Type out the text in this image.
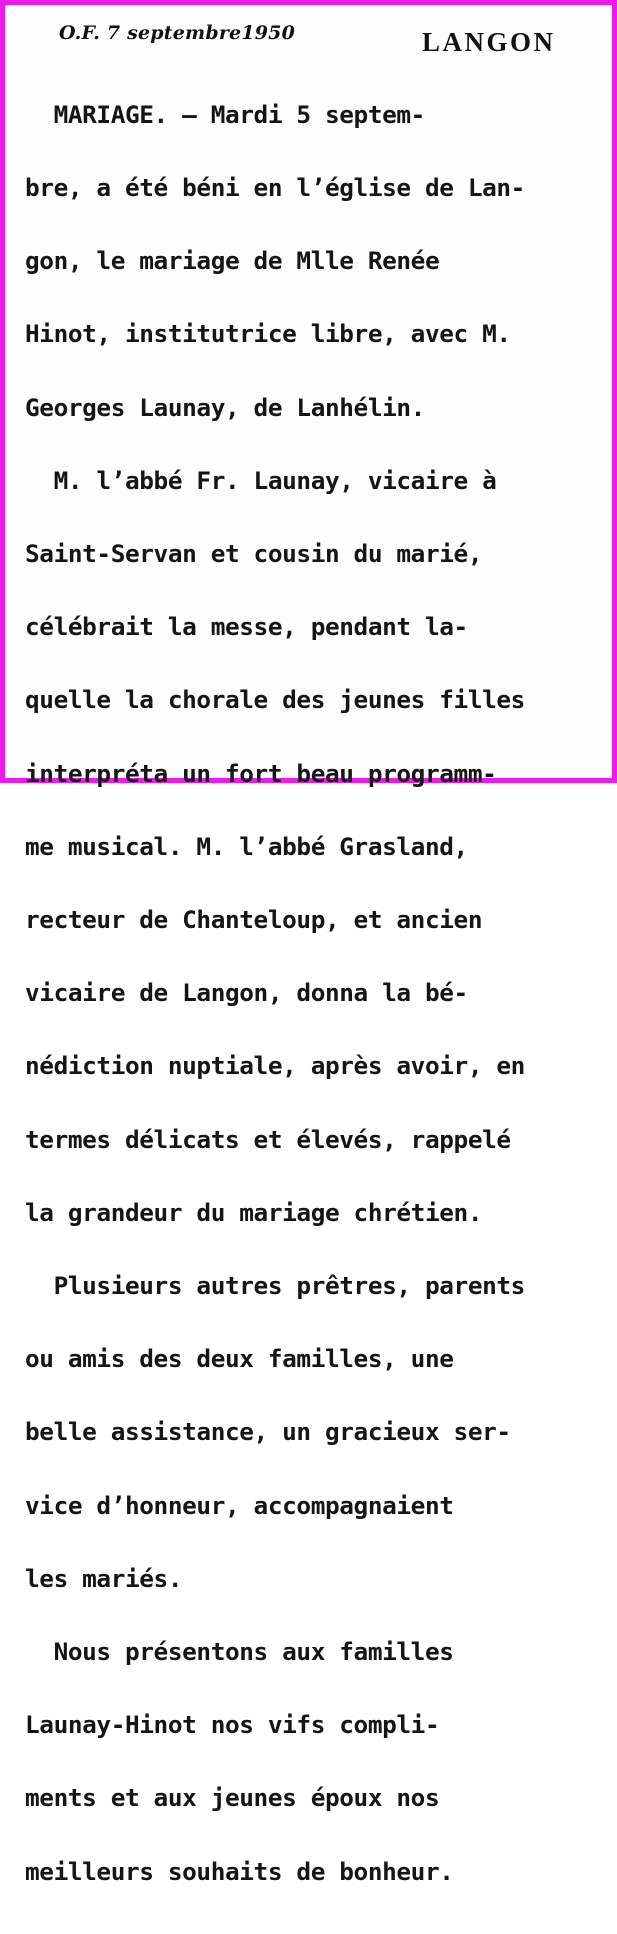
O.F. 7 septembre1950	LANGON

MARIAGE. — Mardi 5 septem-

bre, a été béni en l’église de Lan-

gon, le mariage de Mlle Renée

Hinot, institutrice libre, avec M.

Georges Launay, de Lanhélin.

M. l’abbé Fr. Launay, vicaire à

Saint-Servan et cousin du marié,

célébrait la messe, pendant la-

quelle la chorale des jeunes filles

interpréta un fort beau programm-

me musical. M. l’abbé Grasland,

recteur de Chanteloup, et ancien

vicaire de Langon, donna la bé-

nédiction nuptiale, après avoir, en

termes délicats et élevés, rappelé

la grandeur du mariage chrétien.

Plusieurs autres prêtres, parents

ou amis des deux familles, une

belle assistance, un gracieux ser-

vice d’honneur, accompagnaient

les mariés.

Nous présentons aux familles

Launay-Hinot nos vifs compli-

ments et aux jeunes époux nos

meilleurs souhaits de bonheur.
